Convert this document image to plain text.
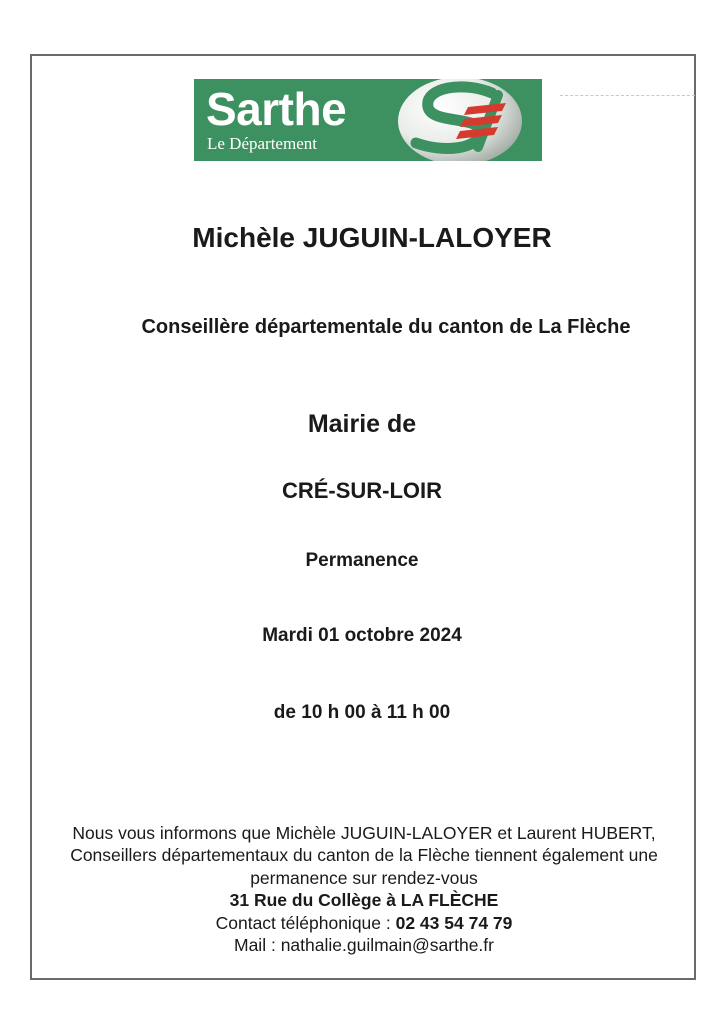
Sarthe
Le Département
Michèle JUGUIN-LALOYER
Conseillère départementale du canton de La Flèche
Mairie de
CRÉ-SUR-LOIR
Permanence
Mardi 01 octobre 2024
de 10 h 00 à 11 h 00
Nous vous informons que Michèle JUGUIN-LALOYER et Laurent HUBERT,
Conseillers départementaux du canton de la Flèche tiennent également une
permanence sur rendez-vous
31 Rue du Collège à LA FLÈCHE
Contact téléphonique : 02 43 54 74 79
Mail : nathalie.guilmain@sarthe.fr
